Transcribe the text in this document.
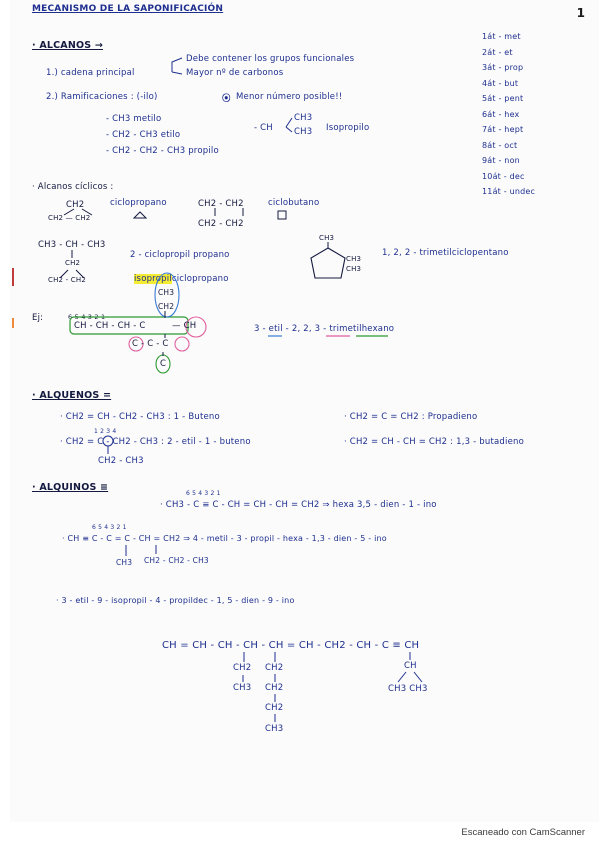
MECANISMO DE LA SAPONIFICACIÓN	1
· ALCANOS →
1.) cadena principal
Debe contener los grupos funcionales
Mayor nº de carbonos
2.) Ramificaciones : (-ilo)	⦿ Menor número posible!!
- CH3 metilo
- CH2 - CH3 etilo
- CH2 - CH2 - CH3 propilo
- CH
CH3
CH3 Isopropilo
1át - met
2át - et
3át - prop
4át - but
5át - pent
6át - hex
7át - hept
8át - oct
9át - non
10át - dec
11át - undec
· Alcanos cíclicos :
CH2
CH2 — CH2
ciclopropano	CH2 - CH2
CH2 - CH2
ciclobutano
CH3 - CH - CH3
CH2
CH2 - CH2
2 - ciclopropil propano
isopropilciclopropano
CH3
CH3
CH3
1, 2, 2 - trimetilciclopentano
Ej:	6 5 4 3 2 1
CH3
CH2
CH - CH - CH - C	— CH
C - C - C
C
3 - etil - 2, 2, 3 - trimetilhexano
· ALQUENOS =
· CH2 = CH - CH2 - CH3 : 1 - Buteno	· CH2 = C = CH2 : Propadieno
1 2 3 4
· CH2 = C - CH2 - CH3 : 2 - etil - 1 - buteno
CH2 - CH3
· CH2 = CH - CH = CH2 : 1,3 - butadieno
· ALQUINOS ≡
6 5 4 3 2 1
· CH3 - C ≡ C - CH = CH - CH = CH2 ⇒ hexa 3,5 - dien - 1 - ino
6 5 4 3 2 1
· CH ≡ C - C = C - CH = CH2 ⇒ 4 - metil - 3 - propil - hexa - 1,3 - dien - 5 - ino
CH3 CH2 - CH2 - CH3
· 3 - etil - 9 - isopropil - 4 - propildec - 1, 5 - dien - 9 - ino
CH = CH - CH - CH - CH = CH - CH2 - CH - C ≡ CH
CH2
CH3
CH2
CH2
CH2
CH3
CH
CH3 CH3
Escaneado con CamScanner
